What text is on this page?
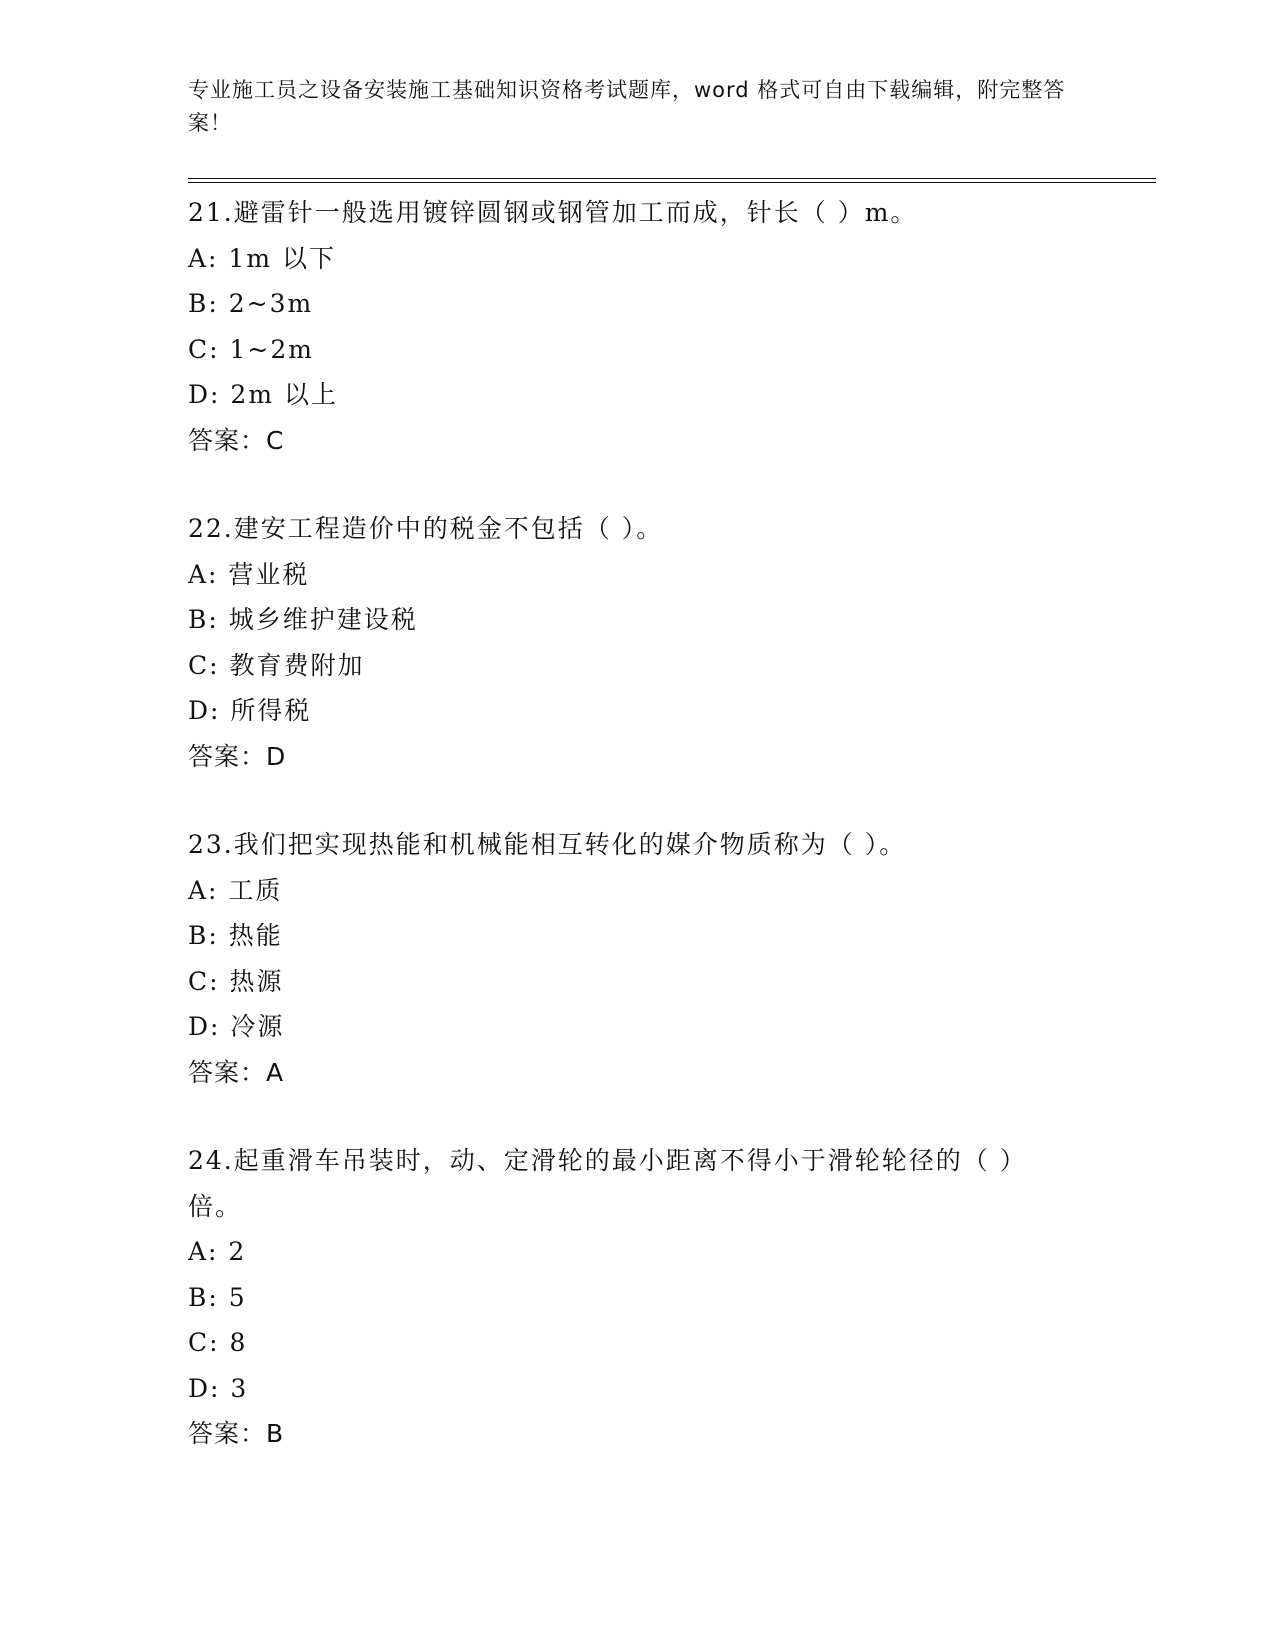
专业施工员之设备安装施工基础知识资格考试题库，word 格式可自由下载编辑，附完整答案！
21.避雷针一般选用镀锌圆钢或钢管加工而成，针长（ ）m。
A: 1m 以下
B: 2~3m
C: 1~2m
D: 2m 以上
答案：C
22.建安工程造价中的税金不包括（ ）。
A: 营业税
B: 城乡维护建设税
C: 教育费附加
D: 所得税
答案：D
23.我们把实现热能和机械能相互转化的媒介物质称为（ ）。
A: 工质
B: 热能
C: 热源
D: 冷源
答案：A
24.起重滑车吊装时，动、定滑轮的最小距离不得小于滑轮轮径的（ ）倍。
A: 2
B: 5
C: 8
D: 3
答案：B
